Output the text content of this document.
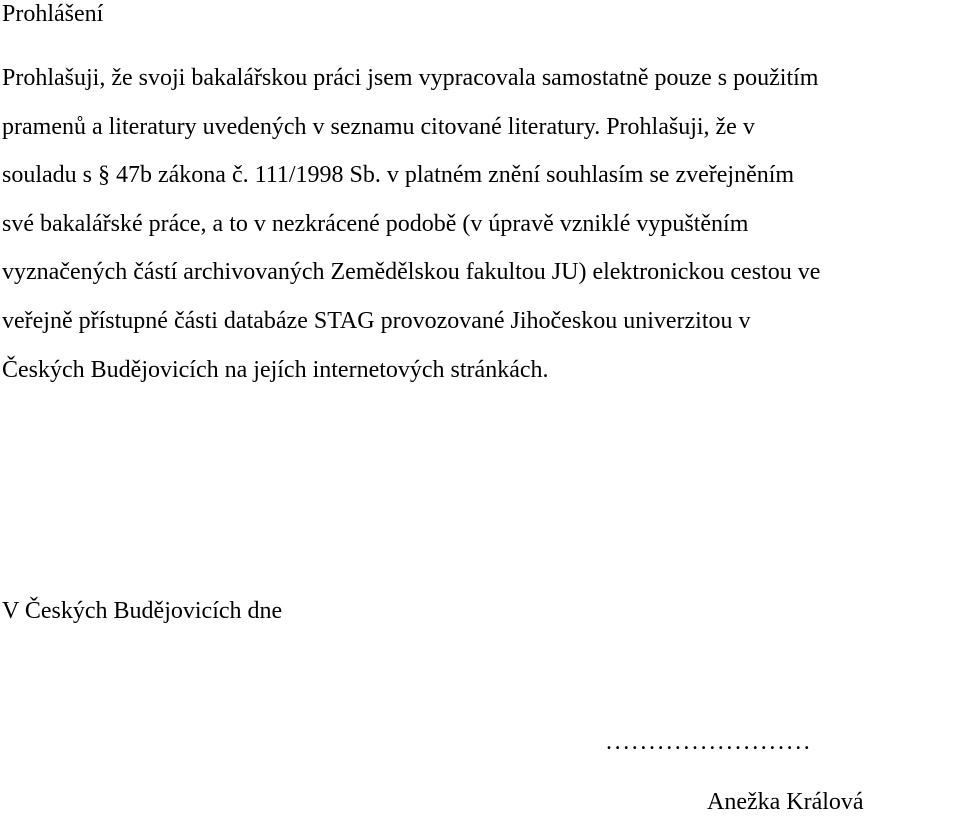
Prohlášení
Prohlašuji, že svoji bakalářskou práci jsem vypracovala samostatně pouze s použitím
pramenů a literatury uvedených v seznamu citované literatury. Prohlašuji, že v
souladu s § 47b zákona č. 111/1998 Sb. v platném znění souhlasím se zveřejněním
své bakalářské práce, a to v nezkrácené podobě (v úpravě vzniklé vypuštěním
vyznačených částí archivovaných Zemědělskou fakultou JU) elektronickou cestou ve
veřejně přístupné části databáze STAG provozované Jihočeskou univerzitou v
Českých Budějovicích na jejích internetových stránkách.
V Českých Budějovicích dne
........................
Anežka Králová
